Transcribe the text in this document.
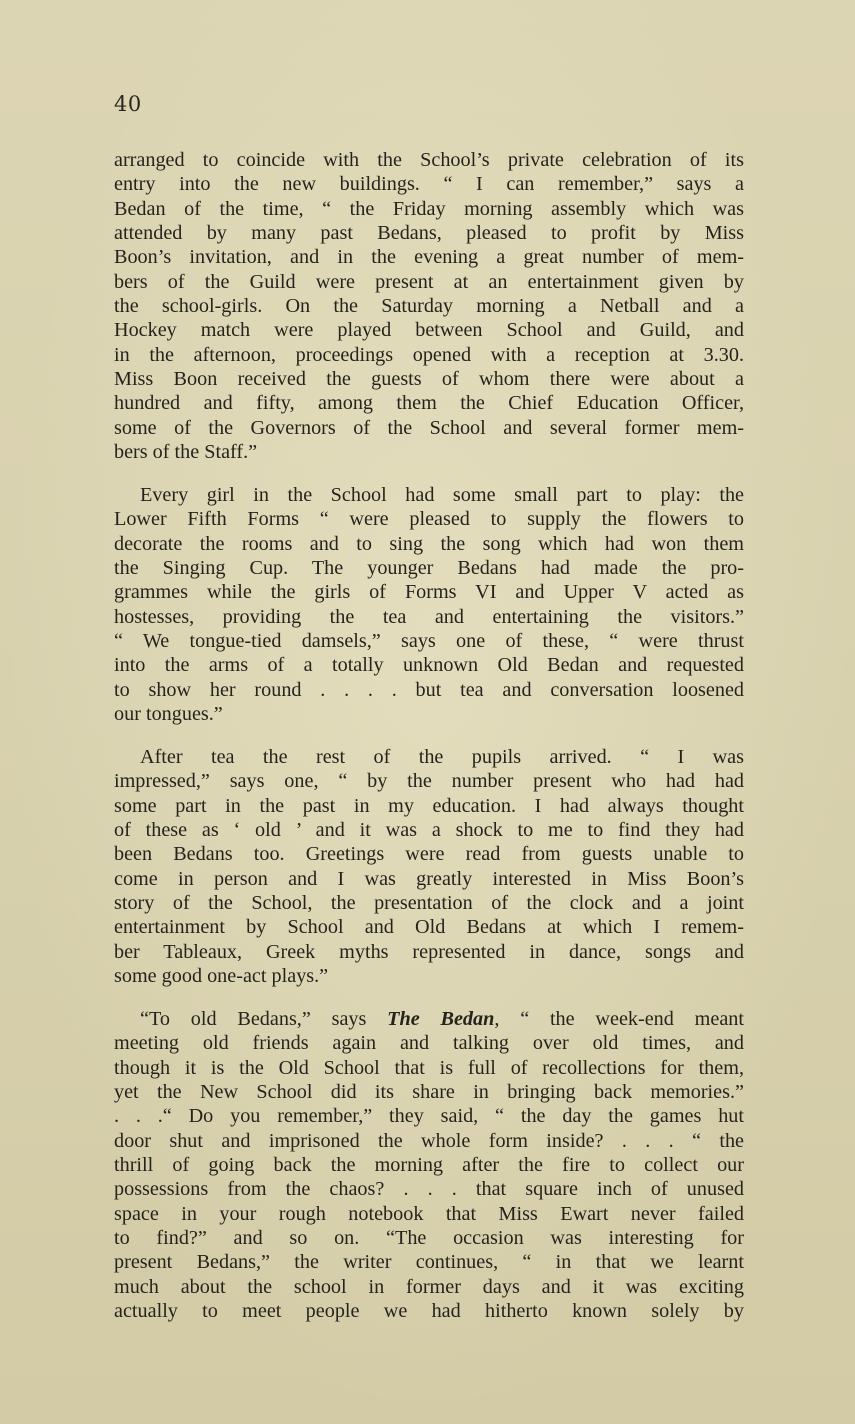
40
arranged to coincide with the School’s private celebration of its
entry into the new buildings. “ I can remember,” says a
Bedan of the time, “ the Friday morning assembly which was
attended by many past Bedans, pleased to profit by Miss
Boon’s invitation, and in the evening a great number of mem-
bers of the Guild were present at an entertainment given by
the school-girls. On the Saturday morning a Netball and a
Hockey match were played between School and Guild, and
in the afternoon, proceedings opened with a reception at 3.30.
Miss Boon received the guests of whom there were about a
hundred and fifty, among them the Chief Education Officer,
some of the Governors of the School and several former mem-
bers of the Staff.”
Every girl in the School had some small part to play: the
Lower Fifth Forms “ were pleased to supply the flowers to
decorate the rooms and to sing the song which had won them
the Singing Cup. The younger Bedans had made the pro-
grammes while the girls of Forms VI and Upper V acted as
hostesses, providing the tea and entertaining the visitors.”
“ We tongue-tied damsels,” says one of these, “ were thrust
into the arms of a totally unknown Old Bedan and requested
to show her round . . . . but tea and conversation loosened
our tongues.”
After tea the rest of the pupils arrived. “ I was
impressed,” says one, “ by the number present who had had
some part in the past in my education. I had always thought
of these as ‘ old ’ and it was a shock to me to find they had
been Bedans too. Greetings were read from guests unable to
come in person and I was greatly interested in Miss Boon’s
story of the School, the presentation of the clock and a joint
entertainment by School and Old Bedans at which I remem-
ber Tableaux, Greek myths represented in dance, songs and
some good one-act plays.”
“To old Bedans,” says The Bedan, “ the week-end meant
meeting old friends again and talking over old times, and
though it is the Old School that is full of recollections for them,
yet the New School did its share in bringing back memories.”
. . .“ Do you remember,” they said, “ the day the games hut
door shut and imprisoned the whole form inside? . . . “ the
thrill of going back the morning after the fire to collect our
possessions from the chaos? . . . that square inch of unused
space in your rough notebook that Miss Ewart never failed
to find?” and so on. “The occasion was interesting for
present Bedans,” the writer continues, “ in that we learnt
much about the school in former days and it was exciting
actually to meet people we had hitherto known solely by
